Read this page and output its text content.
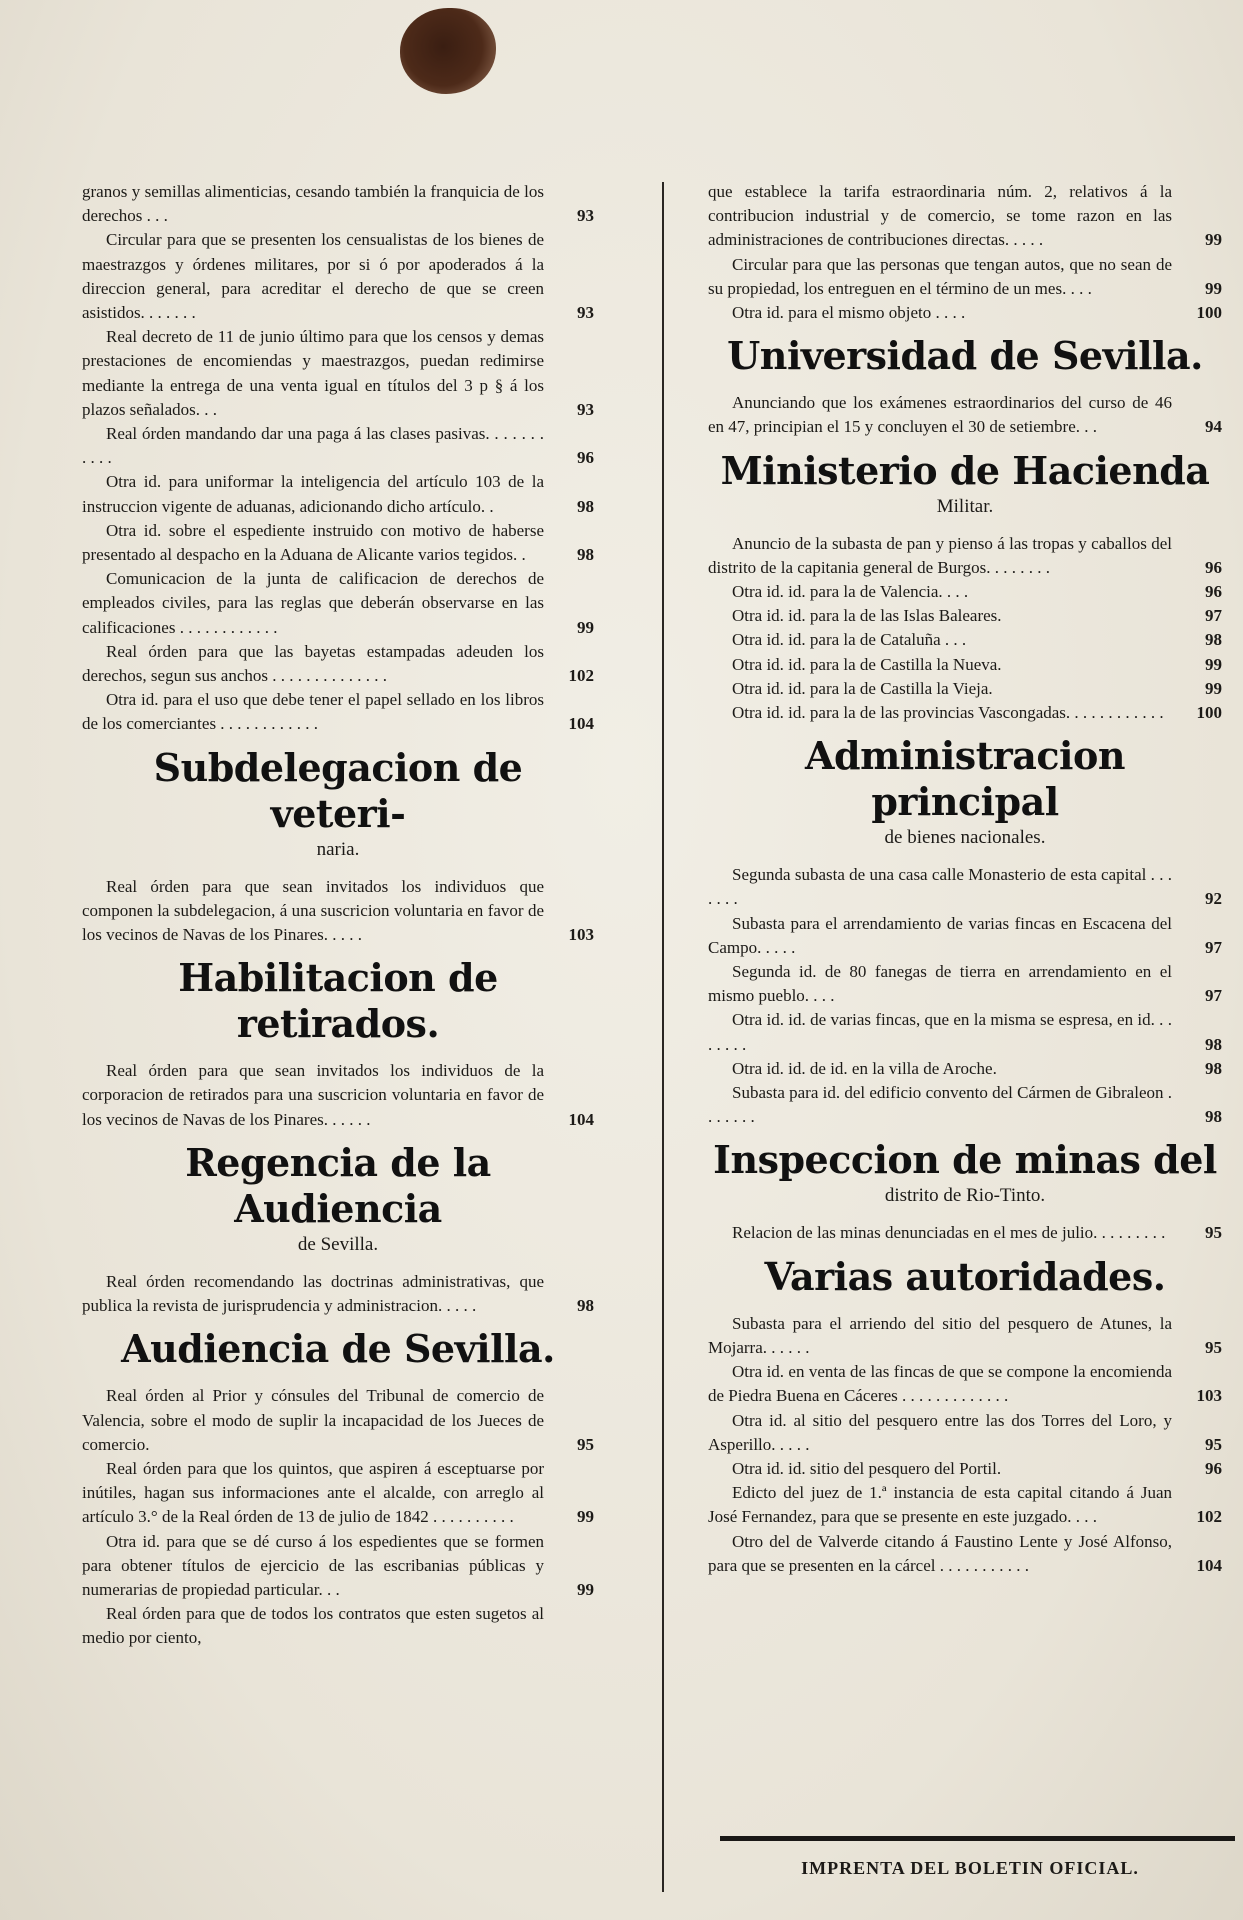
granos y semillas alimenticias, cesando también la franquicia de los derechos . . .	93
Circular para que se presenten los censualistas de los bienes de maestrazgos y órdenes militares, por si ó por apoderados á la direccion general, para acreditar el derecho de que se creen asistidos. . . . . . .	93
Real decreto de 11 de junio último para que los censos y demas prestaciones de encomiendas y maestrazgos, puedan redimirse mediante la entrega de una venta igual en títulos del 3 p § á los plazos señalados. . .	93
Real órden mandando dar una paga á las clases pasivas. . . . . . . . . . .	96
Otra id. para uniformar la inteligencia del artículo 103 de la instruccion vigente de aduanas, adicionando dicho artículo. .	98
Otra id. sobre el espediente instruido con motivo de haberse presentado al despacho en la Aduana de Alicante varios tegidos. .	98
Comunicacion de la junta de calificacion de derechos de empleados civiles, para las reglas que deberán observarse en las calificaciones . . . . . . . . . . . .	99
Real órden para que las bayetas estampadas adeuden los derechos, segun sus anchos . . . . . . . . . . . . . .	102
Otra id. para el uso que debe tener el papel sellado en los libros de los comerciantes . . . . . . . . . . . .	104
Subdelegacion de veteri-
naria.
Real órden para que sean invitados los individuos que componen la subdelegacion, á una suscricion voluntaria en favor de los vecinos de Navas de los Pinares. . . . .	103
Habilitacion de retirados.
Real órden para que sean invitados los individuos de la corporacion de retirados para una suscricion voluntaria en favor de los vecinos de Navas de los Pinares. . . . . .	104
Regencia de la Audiencia
de Sevilla.
Real órden recomendando las doctrinas administrativas, que publica la revista de jurisprudencia y administracion. . . . .	98
Audiencia de Sevilla.
Real órden al Prior y cónsules del Tribunal de comercio de Valencia, sobre el modo de suplir la incapacidad de los Jueces de comercio.	95
Real órden para que los quintos, que aspiren á esceptuarse por inútiles, hagan sus informaciones ante el alcalde, con arreglo al artículo 3.° de la Real órden de 13 de julio de 1842 . . . . . . . . . .	99
Otra id. para que se dé curso á los espedientes que se formen para obtener títulos de ejercicio de las escribanias públicas y numerarias de propiedad particular. . .	99
Real órden para que de todos los contratos que esten sugetos al medio por ciento,
que establece la tarifa estraordinaria núm. 2, relativos á la contribucion industrial y de comercio, se tome razon en las administraciones de contribuciones directas. . . . .	99
Circular para que las personas que tengan autos, que no sean de su propiedad, los entreguen en el término de un mes. . . .	99
Otra id. para el mismo objeto . . . .	100
Universidad de Sevilla.
Anunciando que los exámenes estraordinarios del curso de 46 en 47, principian el 15 y concluyen el 30 de setiembre. . .	94
Ministerio de Hacienda
Militar.
Anuncio de la subasta de pan y pienso á las tropas y caballos del distrito de la capitania general de Burgos. . . . . . . .	96
Otra id. id. para la de Valencia. . . .	96
Otra id. id. para la de las Islas Baleares.	97
Otra id. id. para la de Cataluña . . .	98
Otra id. id. para la de Castilla la Nueva.	99
Otra id. id. para la de Castilla la Vieja.	99
Otra id. id. para la de las provincias Vascongadas. . . . . . . . . . . . 100
Administracion principal
de bienes nacionales.
Segunda subasta de una casa calle Monasterio de esta capital . . . . . . .	92
Subasta para el arrendamiento de varias fincas en Escacena del Campo. . . . .	97
Segunda id. de 80 fanegas de tierra en arrendamiento en el mismo pueblo. . . .	97
Otra id. id. de varias fincas, que en la misma se espresa, en id. . . . . . . .	98
Otra id. id. de id. en la villa de Aroche.	98
Subasta para id. del edificio convento del Cármen de Gibraleon . . . . . . .	98
Inspeccion de minas del
distrito de Rio-Tinto.
Relacion de las minas denunciadas en el mes de julio. . . . . . . . . 95
Varias autoridades.
Subasta para el arriendo del sitio del pesquero de Atunes, la Mojarra. . . . . .	95
Otra id. en venta de las fincas de que se compone la encomienda de Piedra Buena en Cáceres . . . . . . . . . . . . .	103
Otra id. al sitio del pesquero entre las dos Torres del Loro, y Asperillo. . . . .	95
Otra id. id. sitio del pesquero del Portil.	96
Edicto del juez de 1.ª instancia de esta capital citando á Juan José Fernandez, para que se presente en este juzgado. . . .	102
Otro del de Valverde citando á Faustino Lente y José Alfonso, para que se presenten en la cárcel . . . . . . . . . . .	104
IMPRENTA DEL BOLETIN OFICIAL.
